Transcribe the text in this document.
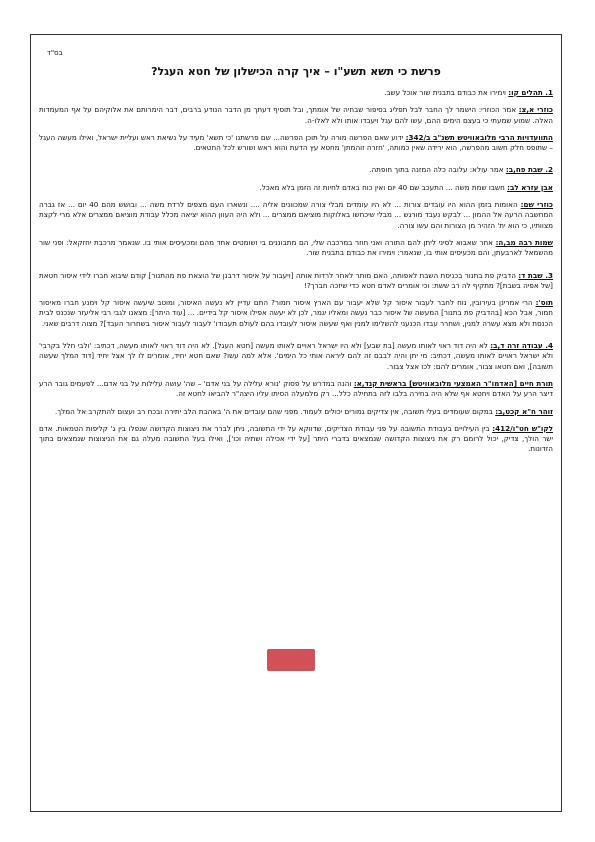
בס"ד
פרשת כי תשא תשע"ו – איך קרה הכישלון של חטא העגל?
1. תהלים קו: וימירו את כבודם בתבנית שור אוכל עשב.
כוזרי א,צ: אמר הכוזרי: הישמר לך החבר לבל תפליג בסיפור שבחיה של אומתך, ובל תוסיף דעתך מן הדבר הנודע ברבים, דבר הימרותם את אלוקיהם על אף המעמדות האלה. שמוע שמעתי כי בעצם הימים ההם, עשו להם עגל ויעבדו אותו ולא לאלו-ה.
התוועדויות הרבי מלובאוויטש תשנ"ב ב/342: ידוע שאם הפרשה מורה על תוכן הפרשה... שם פרשתנו 'כי תשא' מעיד על נשיאת ראש ועליית ישראל, ואילו מעשה העגל – שתופס חלק חשוב מהפרשה, הוא ירידה שאין כמותה, 'חזרה זוהמתן' מחטא עץ הדעת והוא ראש ושורש לכל החטאים.
2. שבת פח,ב: אמר עולא: עלובה כלה המזנה בתוך חופתה.
אבן עזרא לב: חשבו שמת משה ... התעכב שם 40 יום ואין כוח באדם לחיות זה הזמן בלא מאכל.
כוזרי שם: האומות בזמן ההוא היו עובדים צורות ... לא היו עומדים מבלי צורה שמכוונים אליה .... ונשארו העם מצפים לרדת משה ... ובושש מהם 40 יום ... אז גברה המחשבה הרעה אל ההמון ... לבקש נעבד מורגש ... מבלי שיכחשו באלוקות מוציאם ממצרים ... ולא היה העוון ההוא יציאה מכלל עבודת מוציאם ממצרים אלא מרי לקצת מצוותיו, כי הוא ית' הזהיר מן הצורות והם עשו צורה.
שמות רבה מב,ה: אחר שאבוא לסיני ליתן להם התורה ואני חוזר במרכבה שלי, הם מתבוננים בי ושומטים אחד מהם ומכעיסים אותי בו. שנאמר מרכבת יחזקאל: ופני שור מהשמאל לארבעתן, והם מכעיסים אותי בו, שנאמר: וימירו את כבודם בתבנית שור.
3. שבת ד: הדביק פת בתנור בכניסת השבת לאפותה, האם מותר לאחר לרדות אותה [ויעבור על איסור דרבנן של הוצאת פת מהתנור] קודם שיבוא חברו לידי איסור חטאת [של אפיה בשבת]? מתקיף לה רב ששת: וכי אומרים לאדם חטא כדי שיזכה חברך?!
תוס': הרי אמרינן בעירובין, נוח לחבר לעבור איסור קל שלא יעבור עם הארץ איסור חמור? התם עדיין לא נעשה האיסור, ומוטב שיעשה איסור קל וימנע חברו מאיסור חמור, אבל הכא [בהדביק פת בתנור] המעשה של איסור כבר נעשה ומאליו יגמר, לכן לא יעשה אפילו איסור קל בידיים. ... [עוד היתר]: מצאנו לגבי רבי אליעזר שנכנס לבית הכנסת ולא מצא עשרה למנין, ושחרר עבדו הכנעני להשלימו למנין ואף שעשה איסור לעובדו בהם לעולם תעבודו' לעבור לעבור איסור בשחרור העבד]? מצוה דרבים שאני.
4. עבודה זרה ד,ב: לא היה דוד ראוי לאותו מעשה [בת שבע] ולא היו ישראל ראויים לאותו מעשה [חטא העגל]. לא היה דוד ראוי לאותו מעשה, דכתיב: 'ולבי חלל בקרבי' ולא ישראל ראויים לאותו מעשה, דכתיב: מי יתן והיה לבבם זה להם ליראה אותי כל הימים'. אלא למה עשו? שאם חטא יחיד, אומרים לו לך אצל יחיד [דוד המלך שעשה תשובה], ואם חטאו צבור, אומרים להם: לכו אצל צבור.
תורת חיים [האדמו"ר האמצעי מלובאוויטש] בראשית קנד,א: והנה במדרש על פסוק 'נורא עלילה על בני אדם' – שה' עושה עלילות על בני אדם... לפעמים גובר הרע דיצר הרע על האדם ויחטא אף שלא היה בחירה בלבו לזה בתחילה כלל... רק מלמעלה הסיתו עליו היצה"ר להביאו לחטא זה.
זוהר ח"א קכט,ב: במקום שעומדים בעלי תשובה, אין צדיקים גמורים יכולים לעמוד. מפני שהם עובדים את ה' באהבת הלב יתירה ובכח רב ועצום להתקרב אל המלך.
לקו"ש חט"ו/412: בין העילויים בעבודת התשובה על פני עבודת הצדיקים, שדווקא על ידי התשובה, ניתן לברר את ניצוצות הקדושה שנפלו בין ג' קליפות הטמאות. אדם ישר הולך, צדיק, יכול לרומם רק את ניצוצות הקדושה שנמצאים בדברי היתר [על ידי אכילה ושתיה וכו'], ואילו בעל התשובה מעלה גם את הניצוצות שנמצאים בתוך הזדונות.
